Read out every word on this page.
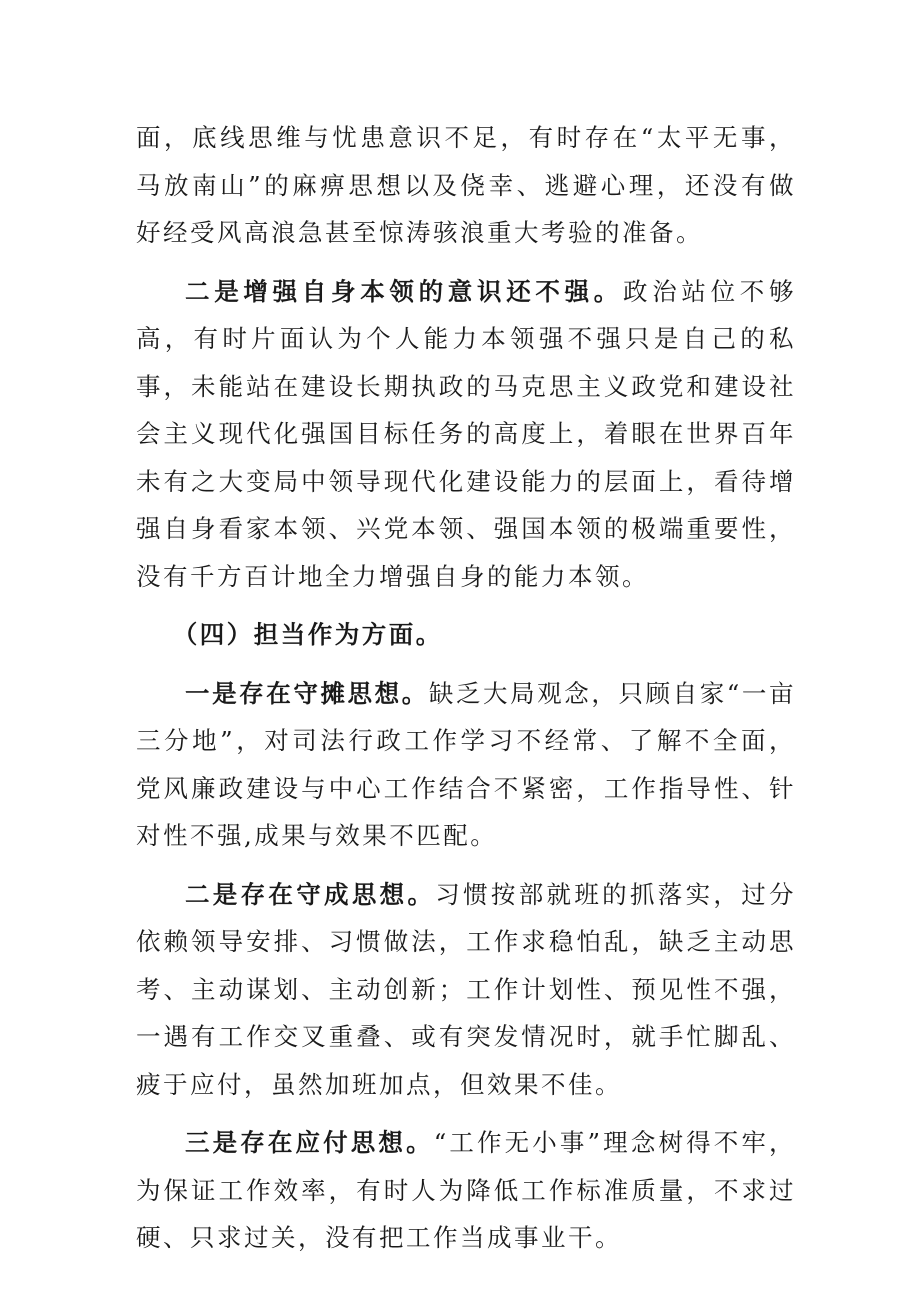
面，底线思维与忧患意识不足，有时存在“太平无事，马放南山”的麻痹思想以及侥幸、逃避心理，还没有做好经受风高浪急甚至惊涛骇浪重大考验的准备。

二是增强自身本领的意识还不强。政治站位不够高，有时片面认为个人能力本领强不强只是自己的私事，未能站在建设长期执政的马克思主义政党和建设社会主义现代化强国目标任务的高度上，着眼在世界百年未有之大变局中领导现代化建设能力的层面上，看待增强自身看家本领、兴党本领、强国本领的极端重要性，没有千方百计地全力增强自身的能力本领。

（四）担当作为方面。

一是存在守摊思想。缺乏大局观念，只顾自家“一亩三分地”，对司法行政工作学习不经常、了解不全面，党风廉政建设与中心工作结合不紧密，工作指导性、针对性不强,成果与效果不匹配。

二是存在守成思想。习惯按部就班的抓落实，过分依赖领导安排、习惯做法，工作求稳怕乱，缺乏主动思考、主动谋划、主动创新；工作计划性、预见性不强，一遇有工作交叉重叠、或有突发情况时，就手忙脚乱、疲于应付，虽然加班加点，但效果不佳。

三是存在应付思想。“工作无小事”理念树得不牢，为保证工作效率，有时人为降低工作标准质量，不求过硬、只求过关，没有把工作当成事业干。
